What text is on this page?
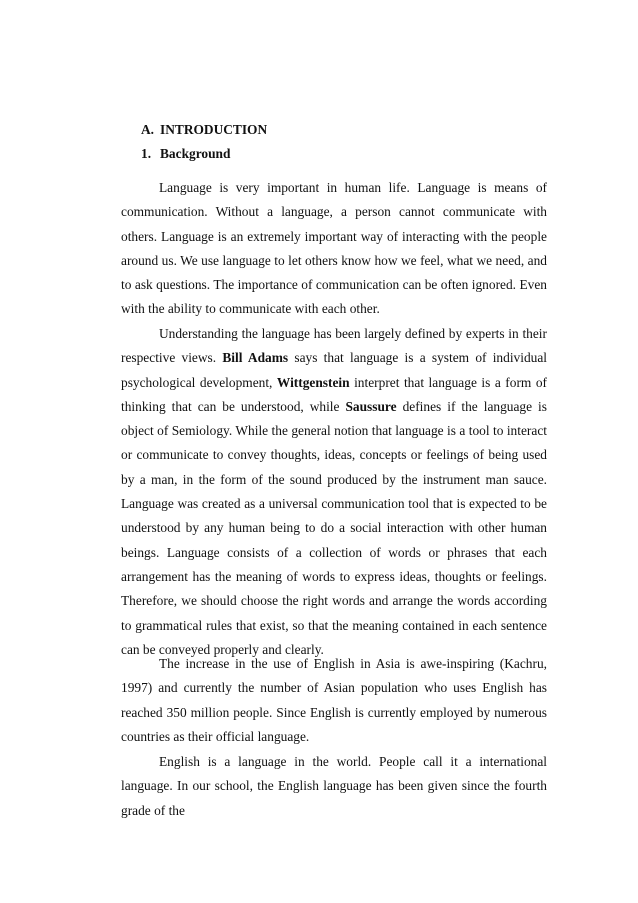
A. INTRODUCTION
1. Background

Language is very important in human life. Language is means of communication. Without a language, a person cannot communicate with others. Language is an extremely important way of interacting with the people around us. We use language to let others know how we feel, what we need, and to ask questions. The importance of communication can be often ignored. Even with the ability to communicate with each other.

Understanding the language has been largely defined by experts in their respective views. Bill Adams says that language is a system of individual psychological development, Wittgenstein interpret that language is a form of thinking that can be understood, while Saussure defines if the language is object of Semiology. While the general notion that language is a tool to interact or communicate to convey thoughts, ideas, concepts or feelings of being used by a man, in the form of the sound produced by the instrument man sauce. Language was created as a universal communication tool that is expected to be understood by any human being to do a social interaction with other human beings. Language consists of a collection of words or phrases that each arrangement has the meaning of words to express ideas, thoughts or feelings. Therefore, we should choose the right words and arrange the words according to grammatical rules that exist, so that the meaning contained in each sentence can be conveyed properly and clearly.

The increase in the use of English in Asia is awe-inspiring (Kachru, 1997) and currently the number of Asian population who uses English has reached 350 million people. Since English is currently employed by numerous countries as their official language.

English is a language in the world. People call it a international language. In our school, the English language has been given since the fourth grade of the
